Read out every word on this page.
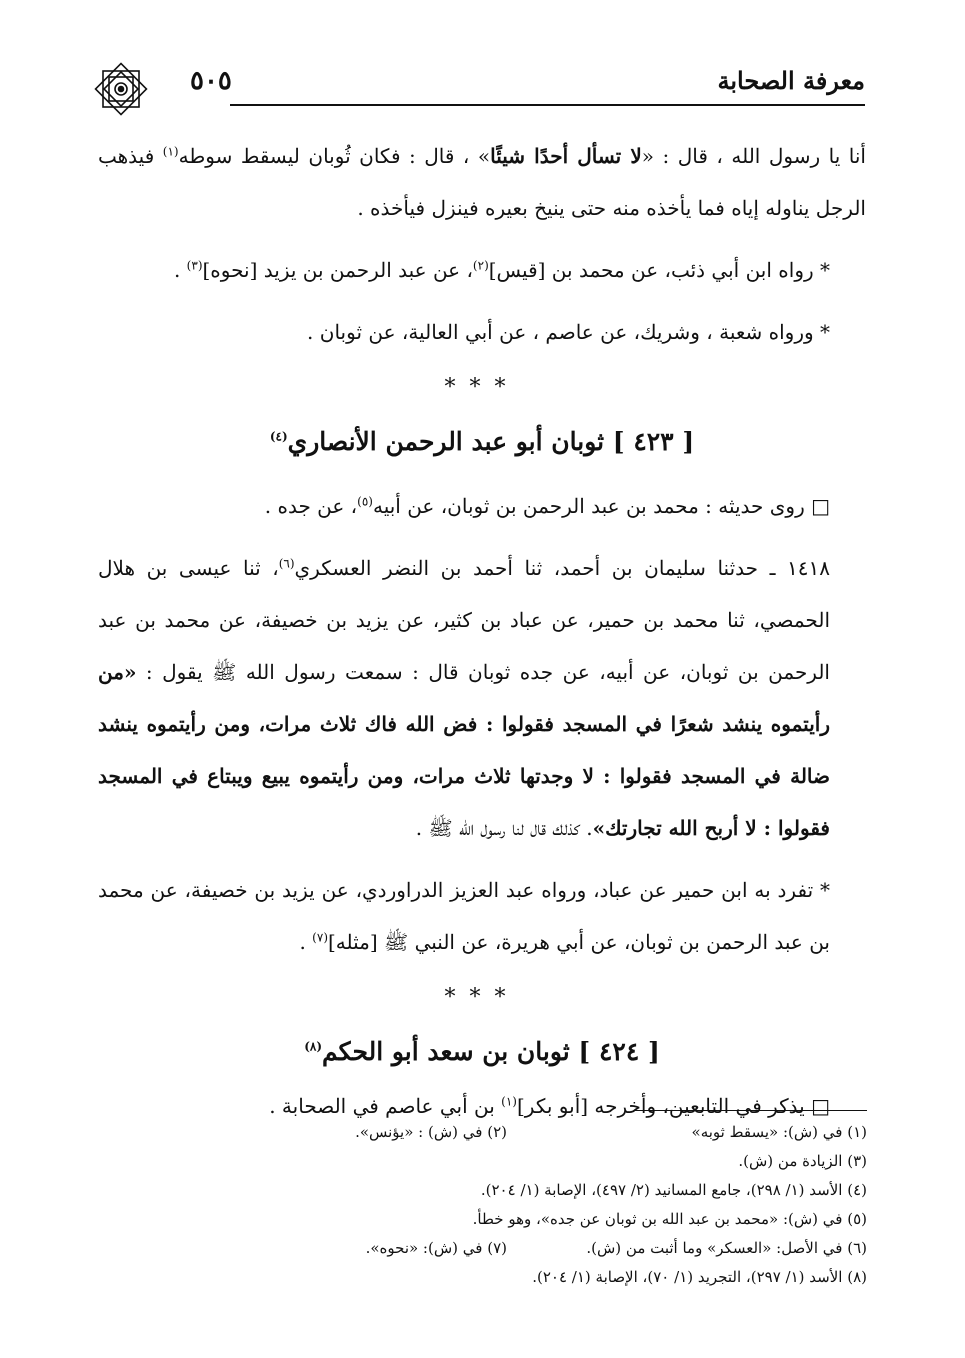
٥٠٥	معرفة الصحابة

أنا يا رسول الله ، قال : «لا تسأل أحدًا شيئًا» ، قال : فكان ثُوبان ليسقط سوطه$^{(١)}$ فيذهب الرجل يناوله إياه فما يأخذه منه حتى ينيخ بعيره فينزل فيأخذه .

* رواه ابن أبي ذئب، عن محمد بن [قيس]$^{(٢)}$، عن عبد الرحمن بن يزيد [نحوه]$^{(٣)}$ .

* ورواه شعبة ، وشريك، عن عاصم ، عن أبي العالية، عن ثوبان .

***

[ ٤٢٣ ] ثوبان أبو عبد الرحمن الأنصاري$^{(٤)}$

□ روى حديثه : محمد بن عبد الرحمن بن ثوبان، عن أبيه$^{(٥)}$، عن جده .

١٤١٨ ـ حدثنا سليمان بن أحمد، ثنا أحمد بن النضر العسكري$^{(٦)}$، ثنا عيسى بن هلال الحمصي، ثنا محمد بن حمير، عن عباد بن كثير، عن يزيد بن خصيفة، عن محمد بن عبد الرحمن بن ثوبان، عن أبيه، عن جده ثوبان قال : سمعت رسول الله ﷺ يقول : «من رأيتموه ينشد شعرًا في المسجد فقولوا : فض الله فاك ثلاث مرات، ومن رأيتموه ينشد ضالة في المسجد فقولوا : لا وجدتها ثلاث مرات، ومن رأيتموه يبيع ويبتاع في المسجد فقولوا : لا أربح الله تجارتك». كذلك قال لنا رسول الله ﷺ .

* تفرد به ابن حمير عن عباد، ورواه عبد العزيز الدراوردي، عن يزيد بن خصيفة، عن محمد بن عبد الرحمن بن ثوبان، عن أبي هريرة، عن النبي ﷺ [مثله]$^{(٧)}$ .

***

[ ٤٢٤ ] ثوبان بن سعد أبو الحكم$^{(٨)}$

□ يذكر في التابعين، وأخرجه [أبو بكر]$^{(١)}$ بن أبي عاصم في الصحابة .

(١) في (ش): «يسقط ثوبه»(٢) في (ش) : «يؤنس».
(٣) الزيادة من (ش).
(٤) الأسد (١/ ٢٩٨)، جامع المسانيد (٢/ ٤٩٧)، الإصابة (١/ ٢٠٤).
(٥) في (ش): «محمد بن عبد الله بن ثوبان عن جده»، وهو خطأ.
(٦) في الأصل: «العسكر» وما أثبت من (ش).(٧) في (ش): «نحوه».
(٨) الأسد (١/ ٢٩٧)، التجريد (١/ ٧٠)، الإصابة (١/ ٢٠٤).
